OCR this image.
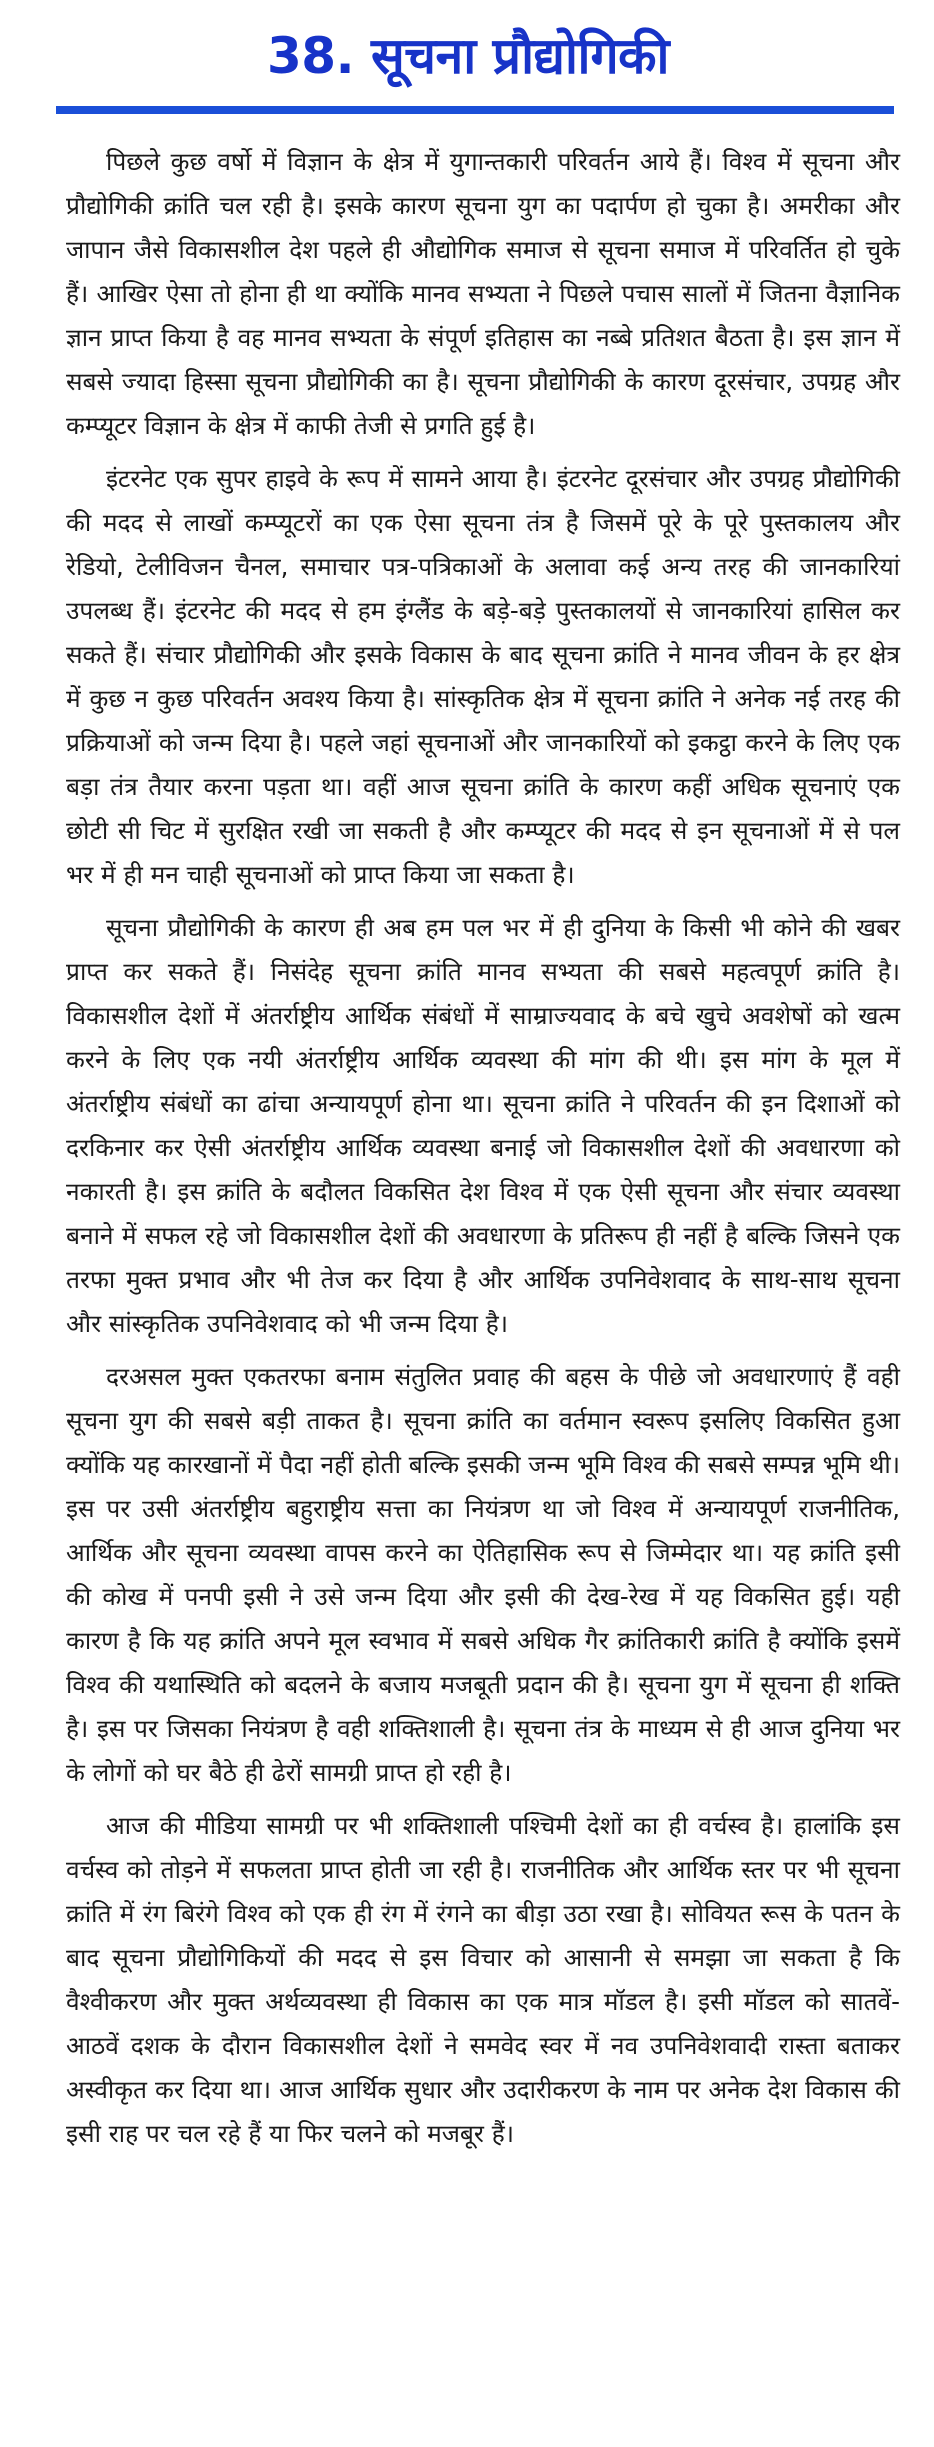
38. सूचना प्रौद्योगिकी

पिछले कुछ वर्षो में विज्ञान के क्षेत्र में युगान्तकारी परिवर्तन आये हैं। विश्व में सूचना और प्रौद्योगिकी क्रांति चल रही है। इसके कारण सूचना युग का पदार्पण हो चुका है। अमरीका और जापान जैसे विकासशील देश पहले ही औद्योगिक समाज से सूचना समाज में परिवर्तित हो चुके हैं। आखिर ऐसा तो होना ही था क्योंकि मानव सभ्यता ने पिछले पचास सालों में जितना वैज्ञानिक ज्ञान प्राप्त किया है वह मानव सभ्यता के संपूर्ण इतिहास का नब्बे प्रतिशत बैठता है। इस ज्ञान में सबसे ज्यादा हिस्सा सूचना प्रौद्योगिकी का है। सूचना प्रौद्योगिकी के कारण दूरसंचार, उपग्रह और कम्प्यूटर विज्ञान के क्षेत्र में काफी तेजी से प्रगति हुई है।

इंटरनेट एक सुपर हाइवे के रूप में सामने आया है। इंटरनेट दूरसंचार और उपग्रह प्रौद्योगिकी की मदद से लाखों कम्प्यूटरों का एक ऐसा सूचना तंत्र है जिसमें पूरे के पूरे पुस्तकालय और रेडियो, टेलीविजन चैनल, समाचार पत्र-पत्रिकाओं के अलावा कई अन्य तरह की जानकारियां उपलब्ध हैं। इंटरनेट की मदद से हम इंग्लैंड के बड़े-बड़े पुस्तकालयों से जानकारियां हासिल कर सकते हैं। संचार प्रौद्योगिकी और इसके विकास के बाद सूचना क्रांति ने मानव जीवन के हर क्षेत्र में कुछ न कुछ परिवर्तन अवश्य किया है। सांस्कृतिक क्षेत्र में सूचना क्रांति ने अनेक नई तरह की प्रक्रियाओं को जन्म दिया है। पहले जहां सूचनाओं और जानकारियों को इकट्ठा करने के लिए एक बड़ा तंत्र तैयार करना पड़ता था। वहीं आज सूचना क्रांति के कारण कहीं अधिक सूचनाएं एक छोटी सी चिट में सुरक्षित रखी जा सकती है और कम्प्यूटर की मदद से इन सूचनाओं में से पल भर में ही मन चाही सूचनाओं को प्राप्त किया जा सकता है।

सूचना प्रौद्योगिकी के कारण ही अब हम पल भर में ही दुनिया के किसी भी कोने की खबर प्राप्त कर सकते हैं। निसंदेह सूचना क्रांति मानव सभ्यता की सबसे महत्वपूर्ण क्रांति है। विकासशील देशों में अंतर्राष्ट्रीय आर्थिक संबंधों में साम्राज्यवाद के बचे खुचे अवशेषों को खत्म करने के लिए एक नयी अंतर्राष्ट्रीय आर्थिक व्यवस्था की मांग की थी। इस मांग के मूल में अंतर्राष्ट्रीय संबंधों का ढांचा अन्यायपूर्ण होना था। सूचना क्रांति ने परिवर्तन की इन दिशाओं को दरकिनार कर ऐसी अंतर्राष्ट्रीय आर्थिक व्यवस्था बनाई जो विकासशील देशों की अवधारणा को नकारती है। इस क्रांति के बदौलत विकसित देश विश्व में एक ऐसी सूचना और संचार व्यवस्था बनाने में सफल रहे जो विकासशील देशों की अवधारणा के प्रतिरूप ही नहीं है बल्कि जिसने एक तरफा मुक्त प्रभाव और भी तेज कर दिया है और आर्थिक उपनिवेशवाद के साथ-साथ सूचना और सांस्कृतिक उपनिवेशवाद को भी जन्म दिया है।

दरअसल मुक्त एकतरफा बनाम संतुलित प्रवाह की बहस के पीछे जो अवधारणाएं हैं वही सूचना युग की सबसे बड़ी ताकत है। सूचना क्रांति का वर्तमान स्वरूप इसलिए विकसित हुआ क्योंकि यह कारखानों में पैदा नहीं होती बल्कि इसकी जन्म भूमि विश्व की सबसे सम्पन्न भूमि थी। इस पर उसी अंतर्राष्ट्रीय बहुराष्ट्रीय सत्ता का नियंत्रण था जो विश्व में अन्यायपूर्ण राजनीतिक, आर्थिक और सूचना व्यवस्था वापस करने का ऐतिहासिक रूप से जिम्मेदार था। यह क्रांति इसी की कोख में पनपी इसी ने उसे जन्म दिया और इसी की देख-रेख में यह विकसित हुई। यही कारण है कि यह क्रांति अपने मूल स्वभाव में सबसे अधिक गैर क्रांतिकारी क्रांति है क्योंकि इसमें विश्व की यथास्थिति को बदलने के बजाय मजबूती प्रदान की है। सूचना युग में सूचना ही शक्ति है। इस पर जिसका नियंत्रण है वही शक्तिशाली है। सूचना तंत्र के माध्यम से ही आज दुनिया भर के लोगों को घर बैठे ही ढेरों सामग्री प्राप्त हो रही है।

आज की मीडिया सामग्री पर भी शक्तिशाली पश्चिमी देशों का ही वर्चस्व है। हालांकि इस वर्चस्व को तोड़ने में सफलता प्राप्त होती जा रही है। राजनीतिक और आर्थिक स्तर पर भी सूचना क्रांति में रंग बिरंगे विश्व को एक ही रंग में रंगने का बीड़ा उठा रखा है। सोवियत रूस के पतन के बाद सूचना प्रौद्योगिकियों की मदद से इस विचार को आसानी से समझा जा सकता है कि वैश्वीकरण और मुक्त अर्थव्यवस्था ही विकास का एक मात्र मॉडल है। इसी मॉडल को सातवें-आठवें दशक के दौरान विकासशील देशों ने समवेद स्वर में नव उपनिवेशवादी रास्ता बताकर अस्वीकृत कर दिया था। आज आर्थिक सुधार और उदारीकरण के नाम पर अनेक देश विकास की इसी राह पर चल रहे हैं या फिर चलने को मजबूर हैं।
